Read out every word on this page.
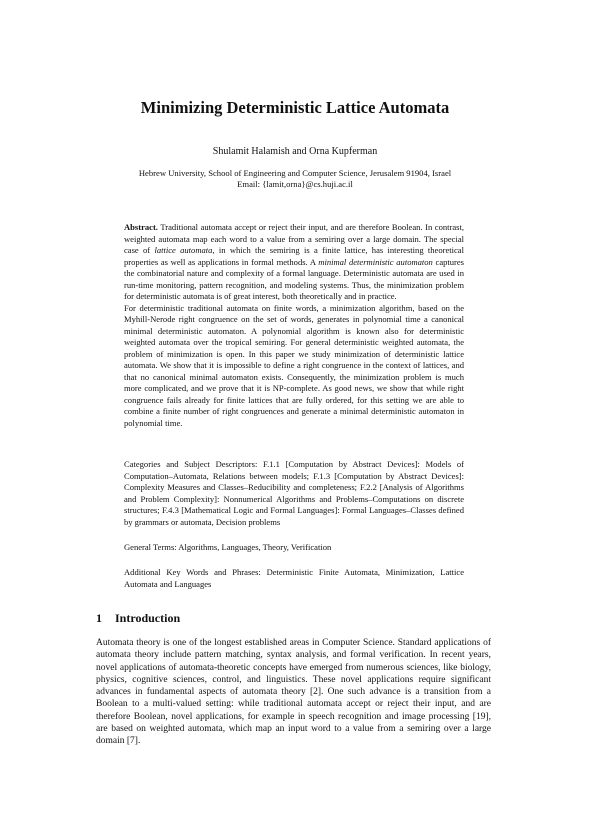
Minimizing Deterministic Lattice Automata

Shulamit Halamish and Orna Kupferman

Hebrew University, School of Engineering and Computer Science, Jerusalem 91904, Israel
Email: {lamit,orna}@cs.huji.ac.il

Abstract. Traditional automata accept or reject their input, and are therefore Boolean. In contrast, weighted automata map each word to a value from a semiring over a large domain. The special case of lattice automata, in which the semiring is a finite lattice, has interesting theoretical properties as well as applications in formal methods. A minimal deterministic automaton captures the combinatorial nature and complexity of a formal language. Deterministic automata are used in run-time monitoring, pattern recognition, and modeling systems. Thus, the minimization problem for deterministic automata is of great interest, both theoretically and in practice.

For deterministic traditional automata on finite words, a minimization algorithm, based on the Myhill-Nerode right congruence on the set of words, generates in polynomial time a canonical minimal deterministic automaton. A polynomial algorithm is known also for deterministic weighted automata over the tropical semiring. For general deterministic weighted automata, the problem of minimization is open. In this paper we study minimization of deterministic lattice automata. We show that it is impossible to define a right congruence in the context of lattices, and that no canonical minimal automaton exists. Consequently, the minimization problem is much more complicated, and we prove that it is NP-complete. As good news, we show that while right congruence fails already for finite lattices that are fully ordered, for this setting we are able to combine a finite number of right congruences and generate a minimal deterministic automaton in polynomial time.

Categories and Subject Descriptors: F.1.1 [Computation by Abstract Devices]: Models of Computation–Automata, Relations between models; F.1.3 [Computation by Abstract Devices]: Complexity Measures and Classes–Reducibility and completeness; F.2.2 [Analysis of Algorithms and Problem Complexity]: Nonnumerical Algorithms and Problems–Computations on discrete structures; F.4.3 [Mathematical Logic and Formal Languages]: Formal Languages–Classes defined by grammars or automata, Decision problems

General Terms: Algorithms, Languages, Theory, Verification

Additional Key Words and Phrases: Deterministic Finite Automata, Minimization, Lattice Automata and Languages

1 Introduction

Automata theory is one of the longest established areas in Computer Science. Standard applications of automata theory include pattern matching, syntax analysis, and formal verification. In recent years, novel applications of automata-theoretic concepts have emerged from numerous sciences, like biology, physics, cognitive sciences, control, and linguistics. These novel applications require significant advances in fundamental aspects of automata theory [2]. One such advance is a transition from a Boolean to a multi-valued setting: while traditional automata accept or reject their input, and are therefore Boolean, novel applications, for example in speech recognition and image processing [19], are based on weighted automata, which map an input word to a value from a semiring over a large domain [7].
